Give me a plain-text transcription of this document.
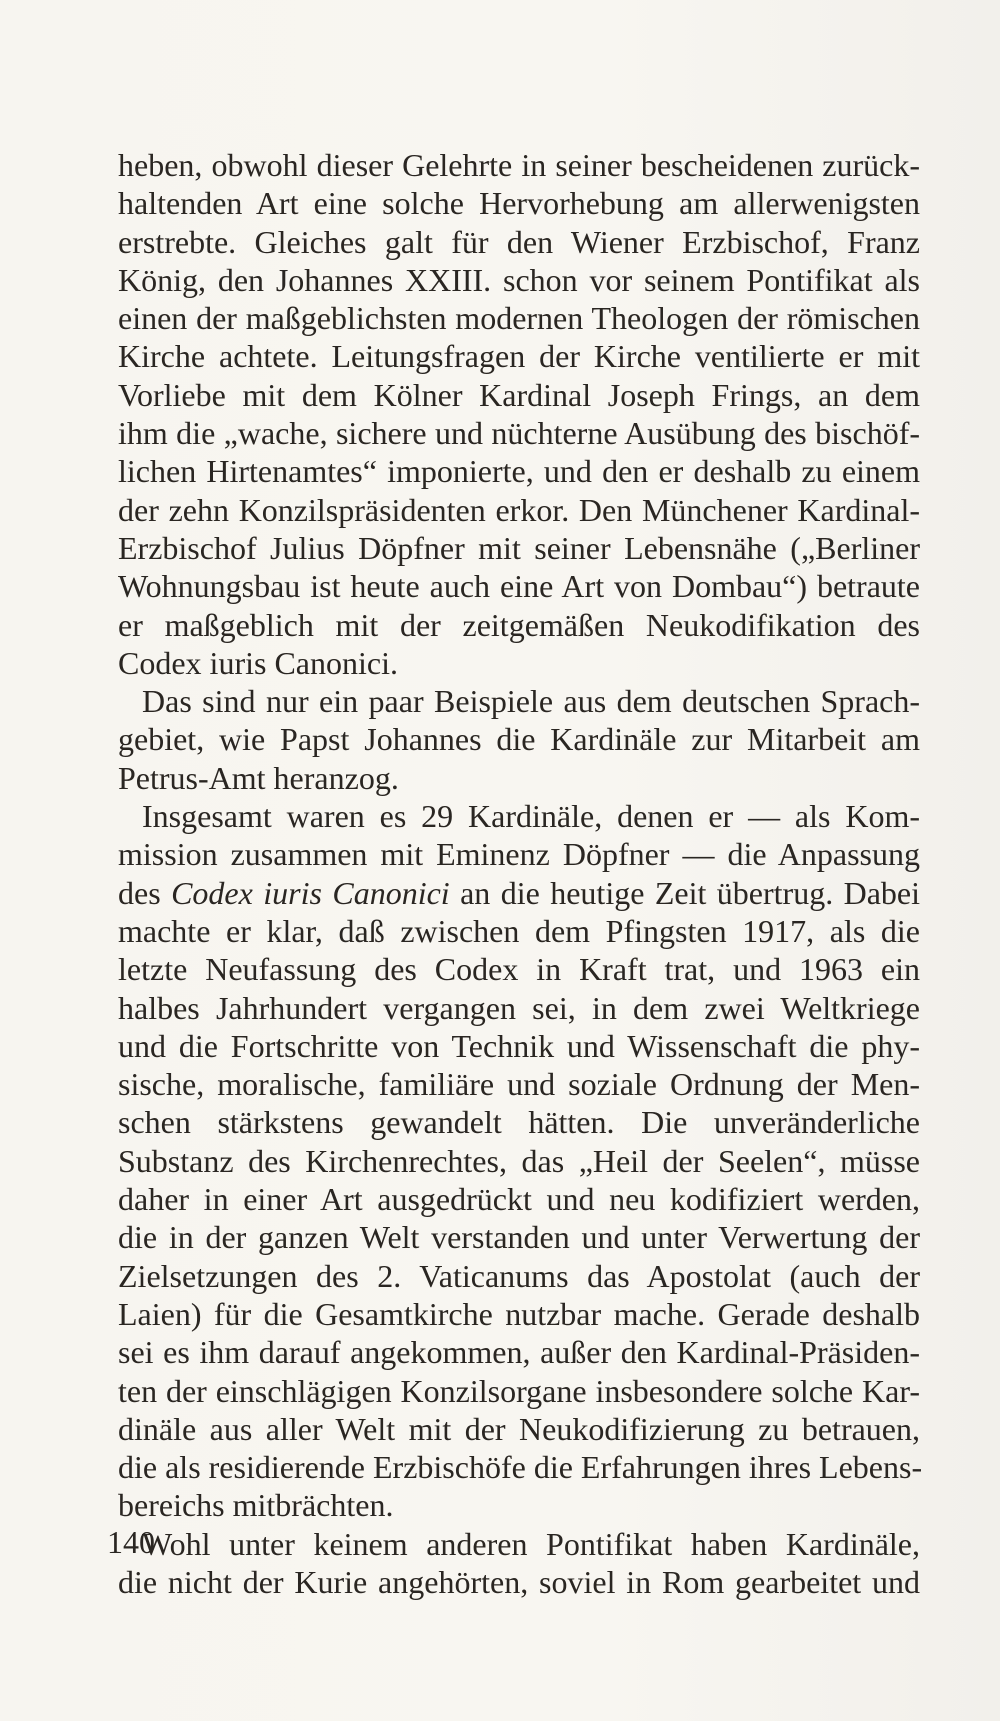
heben, obwohl dieser Gelehrte in seiner bescheidenen zurück-
haltenden Art eine solche Hervorhebung am allerwenigsten
erstrebte. Gleiches galt für den Wiener Erzbischof, Franz
König, den Johannes XXIII. schon vor seinem Pontifikat als
einen der maßgeblichsten modernen Theologen der römischen
Kirche achtete. Leitungsfragen der Kirche ventilierte er mit
Vorliebe mit dem Kölner Kardinal Joseph Frings, an dem
ihm die „wache, sichere und nüchterne Ausübung des bischöf-
lichen Hirtenamtes“ imponierte, und den er deshalb zu einem
der zehn Konzilspräsidenten erkor. Den Münchener Kardinal-
Erzbischof Julius Döpfner mit seiner Lebensnähe („Berliner
Wohnungsbau ist heute auch eine Art von Dombau“) betraute
er maßgeblich mit der zeitgemäßen Neukodifikation des
Codex iuris Canonici.

Das sind nur ein paar Beispiele aus dem deutschen Sprach-
gebiet, wie Papst Johannes die Kardinäle zur Mitarbeit am
Petrus-Amt heranzog.

Insgesamt waren es 29 Kardinäle, denen er — als Kom-
mission zusammen mit Eminenz Döpfner — die Anpassung
des Codex iuris Canonici an die heutige Zeit übertrug. Dabei
machte er klar, daß zwischen dem Pfingsten 1917, als die
letzte Neufassung des Codex in Kraft trat, und 1963 ein
halbes Jahrhundert vergangen sei, in dem zwei Weltkriege
und die Fortschritte von Technik und Wissenschaft die phy-
sische, moralische, familiäre und soziale Ordnung der Men-
schen stärkstens gewandelt hätten. Die unveränderliche
Substanz des Kirchenrechtes, das „Heil der Seelen“, müsse
daher in einer Art ausgedrückt und neu kodifiziert werden,
die in der ganzen Welt verstanden und unter Verwertung der
Zielsetzungen des 2. Vaticanums das Apostolat (auch der
Laien) für die Gesamtkirche nutzbar mache. Gerade deshalb
sei es ihm darauf angekommen, außer den Kardinal-Präsiden-
ten der einschlägigen Konzilsorgane insbesondere solche Kar-
dinäle aus aller Welt mit der Neukodifizierung zu betrauen,
die als residierende Erzbischöfe die Erfahrungen ihres Lebens-
bereichs mitbrächten.

Wohl unter keinem anderen Pontifikat haben Kardinäle,
die nicht der Kurie angehörten, soviel in Rom gearbeitet und

140
